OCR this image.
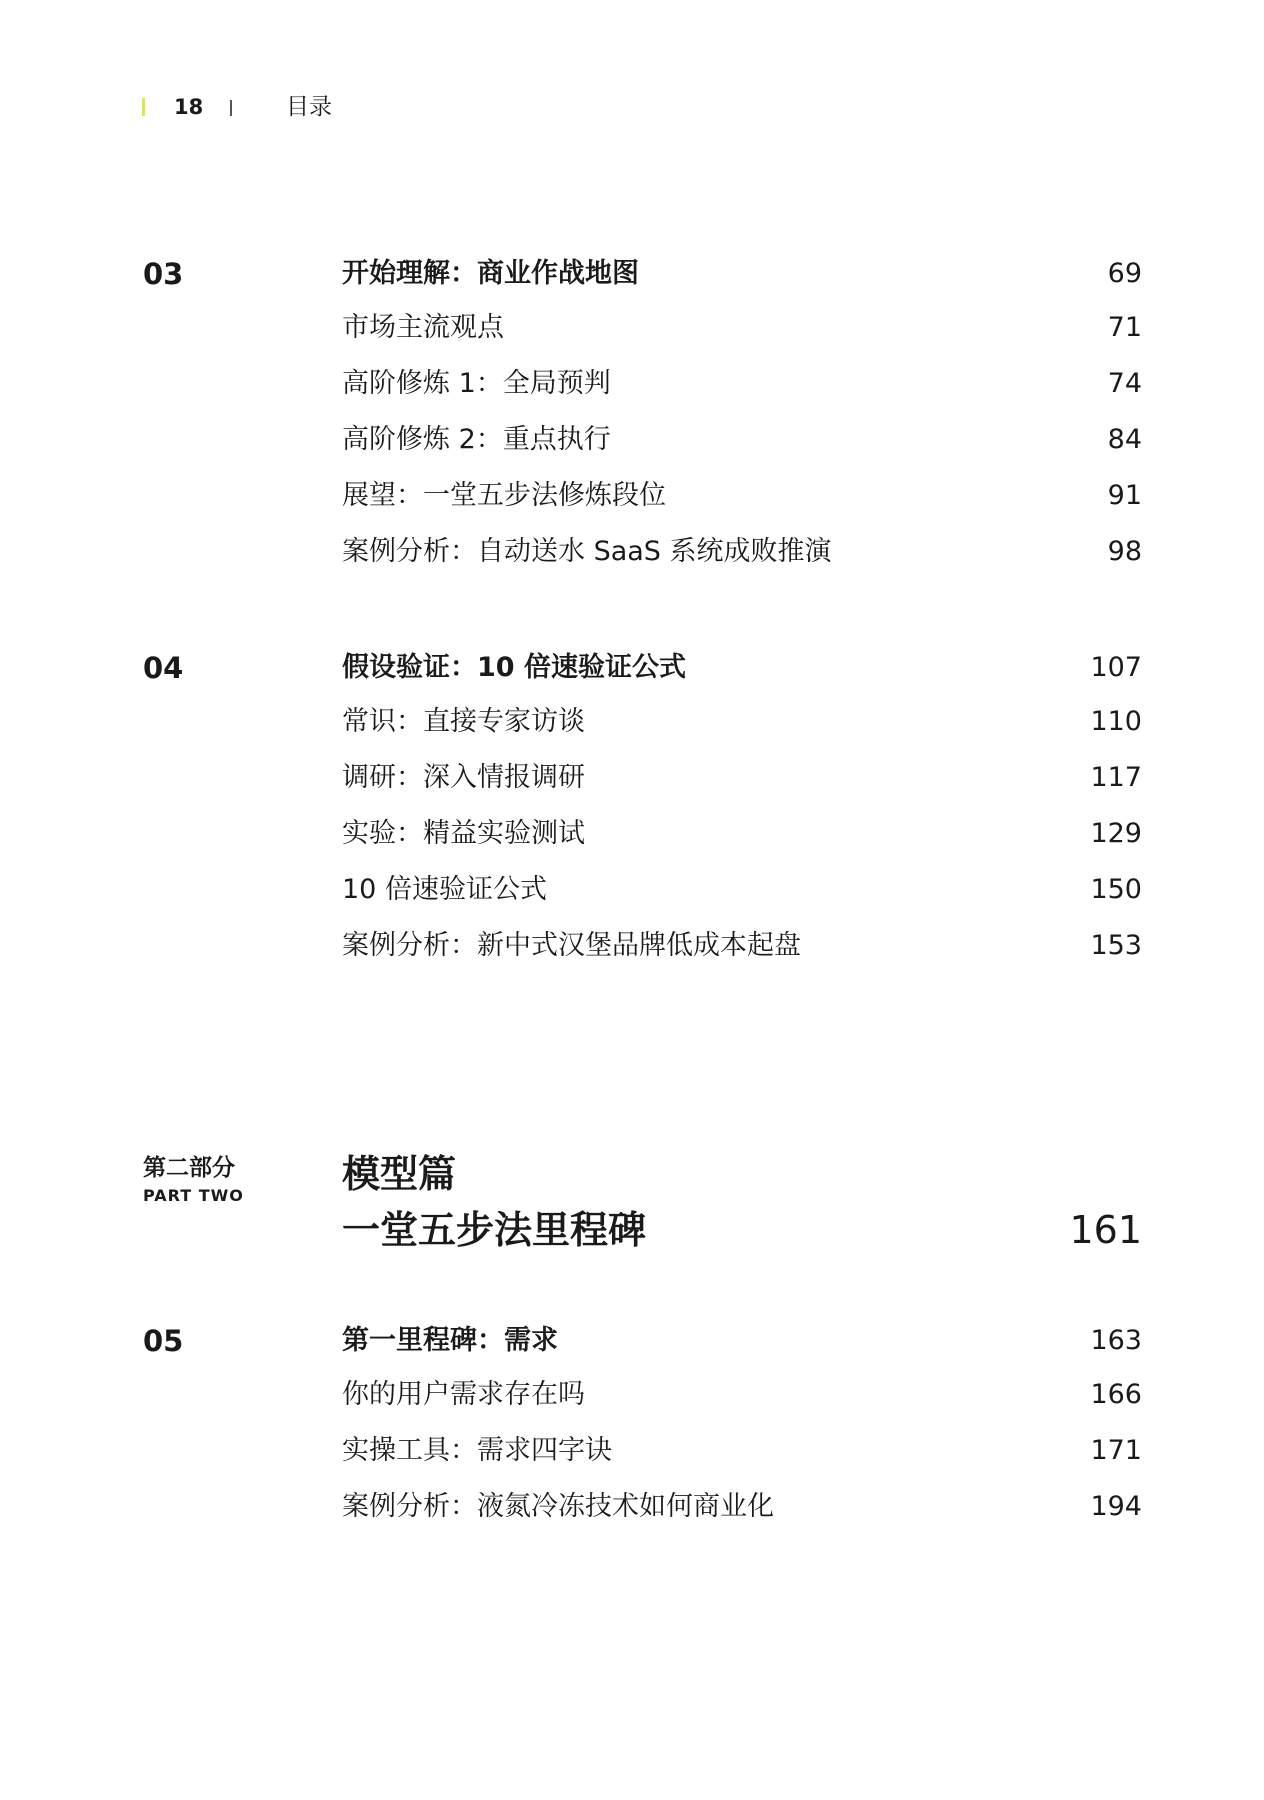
18	目录
03	开始理解：商业作战地图	69
市场主流观点	71
高阶修炼 1：全局预判	74
高阶修炼 2：重点执行	84
展望：一堂五步法修炼段位	91
案例分析：自动送水 SaaS 系统成败推演	98
04	假设验证：10 倍速验证公式	107
常识：直接专家访谈	110
调研：深入情报调研	117
实验：精益实验测试	129
10 倍速验证公式	150
案例分析：新中式汉堡品牌低成本起盘	153
第二部分
PART TWO	模型篇
一堂五步法里程碑	161
05	第一里程碑：需求	163
你的用户需求存在吗	166
实操工具：需求四字诀	171
案例分析：液氮冷冻技术如何商业化	194
